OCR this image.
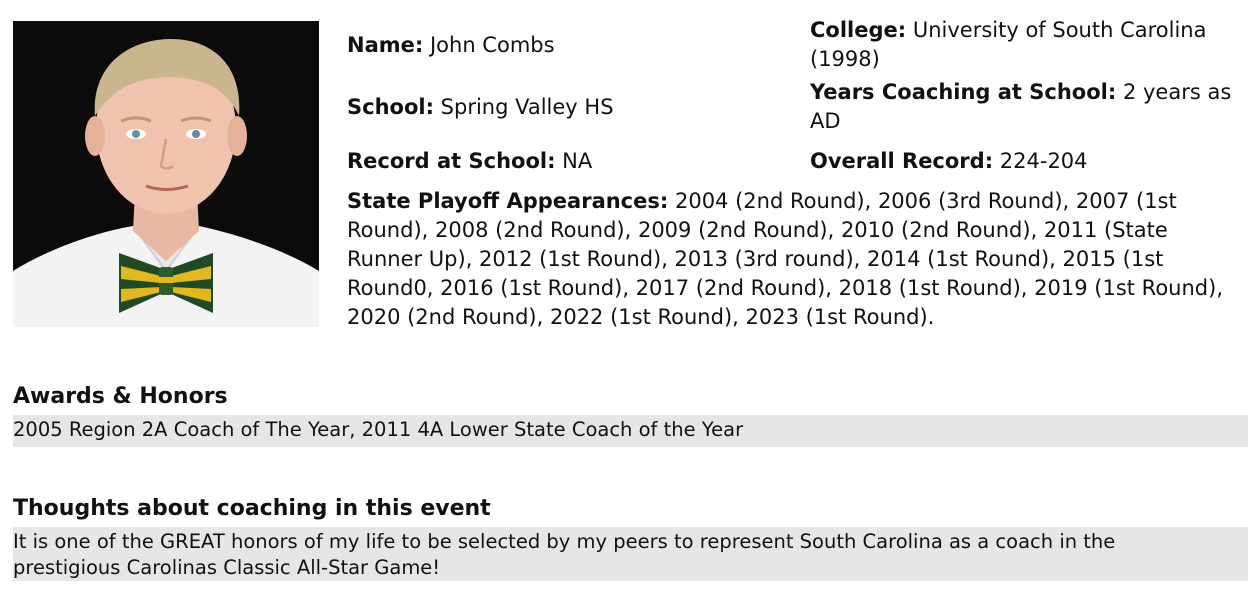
Name: John Combs
School: Spring Valley HS
Record at School: NA
College: University of South Carolina (1998)
Years Coaching at School: 2 years as AD
Overall Record: 224-204
State Playoff Appearances: 2004 (2nd Round), 2006 (3rd Round), 2007 (1st Round), 2008 (2nd Round), 2009 (2nd Round), 2010 (2nd Round), 2011 (State Runner Up), 2012 (1st Round), 2013 (3rd round), 2014 (1st Round), 2015 (1st Round0, 2016 (1st Round), 2017 (2nd Round), 2018 (1st Round), 2019 (1st Round), 2020 (2nd Round), 2022 (1st Round), 2023 (1st Round).
Awards & Honors
2005 Region 2A Coach of The Year, 2011 4A Lower State Coach of the Year
Thoughts about coaching in this event
It is one of the GREAT honors of my life to be selected by my peers to represent South Carolina as a coach in the prestigious Carolinas Classic All-Star Game!
